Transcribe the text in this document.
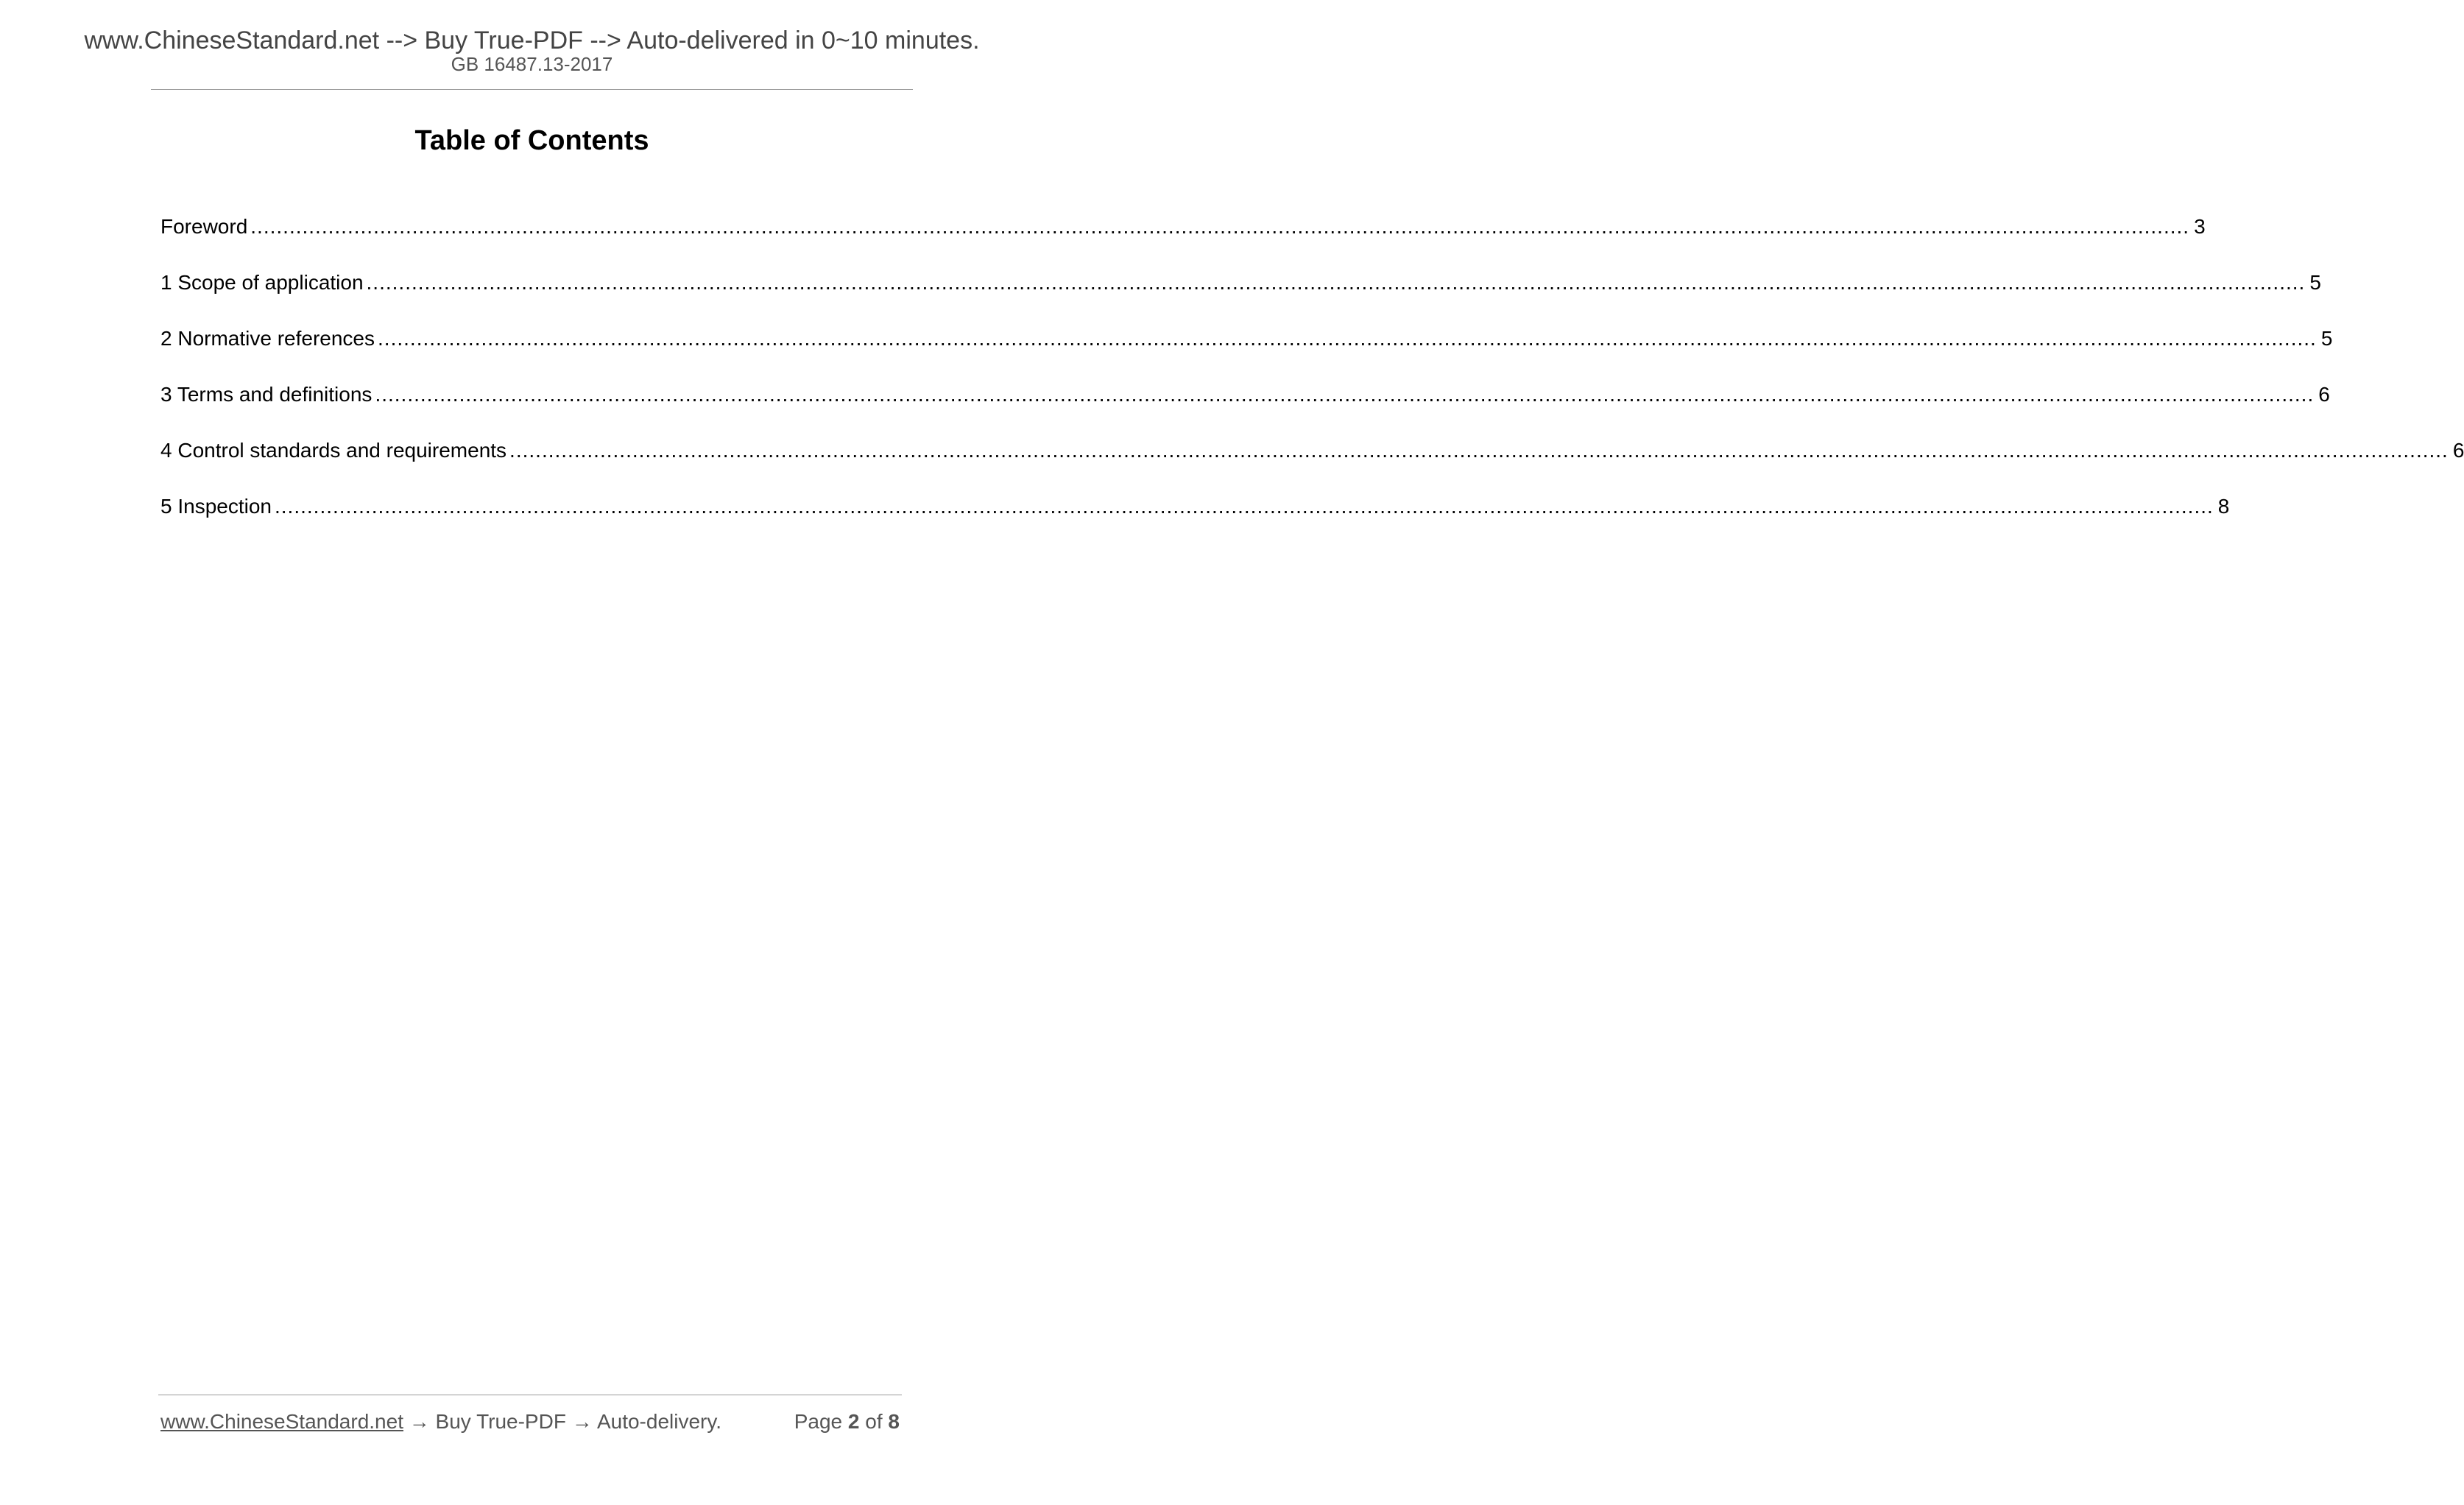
www.ChineseStandard.net --> Buy True-PDF --> Auto-delivered in 0~10 minutes.
GB 16487.13-2017
Table of Contents
Foreword ............................................................................................................................................................................................................................................................................................................ 3
1 Scope of application ............................................................................................................................................................................................................................................................................................................ 5
2 Normative references ............................................................................................................................................................................................................................................................................................................ 5
3 Terms and definitions ............................................................................................................................................................................................................................................................................................................ 6
4 Control standards and requirements ............................................................................................................................................................................................................................................................................................................ 6
5 Inspection ............................................................................................................................................................................................................................................................................................................ 8
www.ChineseStandard.net → Buy True-PDF → Auto-delivery.	Page 2 of 8
